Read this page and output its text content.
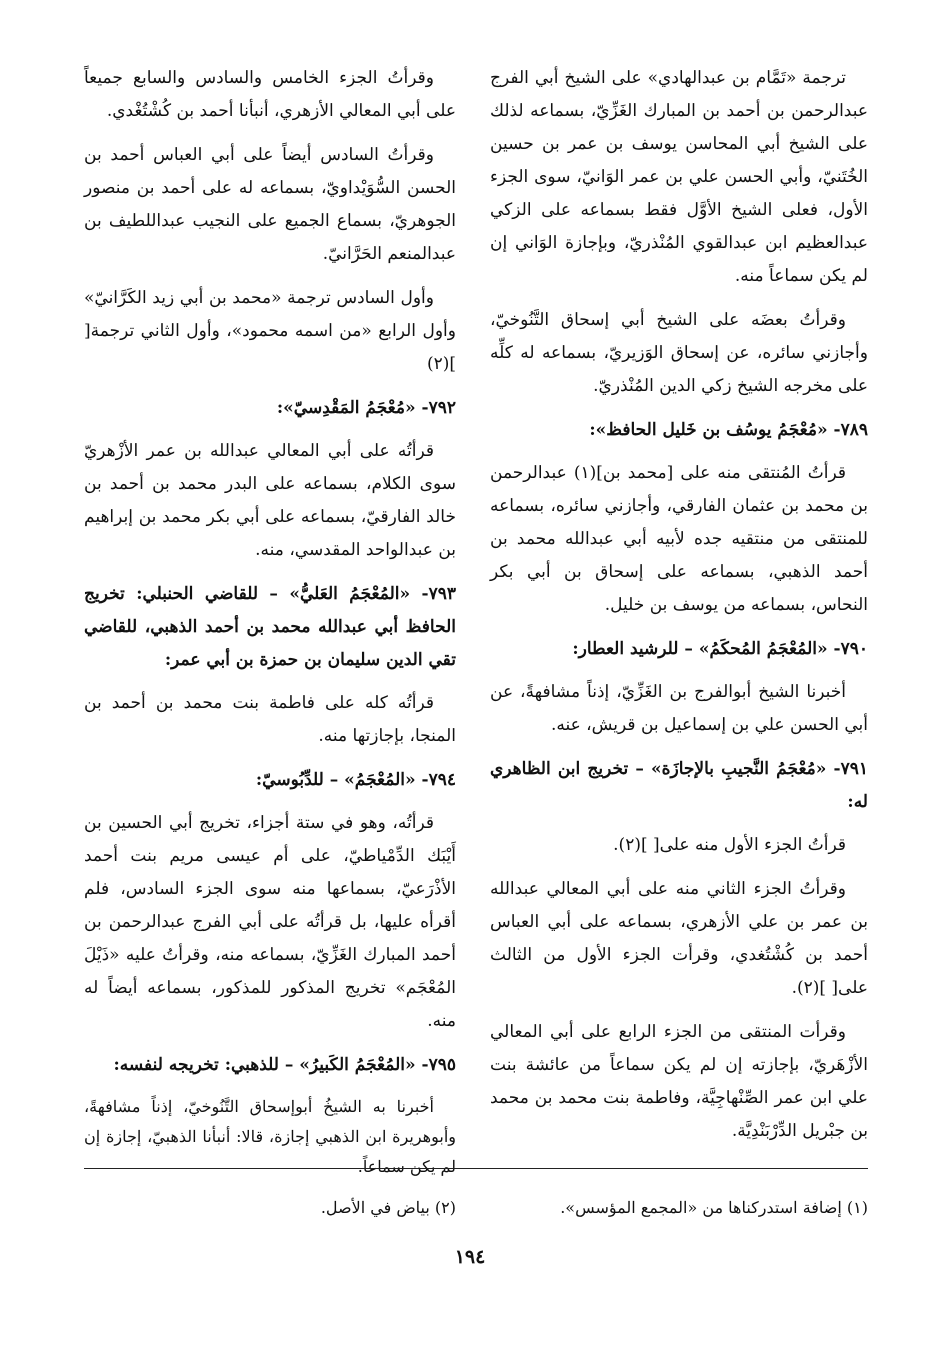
ترجمة «تَمَّام بن عبدالهادي» على الشيخ أبي الفرج عبدالرحمن بن أحمد بن المبارك الغَزِّيّ، بسماعه لذلك على الشيخ أبي المحاسن يوسف بن عمر بن حسين الخُتَنيّ، وأبي الحسن علي بن عمر الوَانيّ، سوى الجزء الأول، فعلى الشيخ الأوَّل فقط بسماعه على الزكي عبدالعظيم ابن عبدالقوي المُنْذريّ، وبإجازة الوَاني إن لم يكن سماعاً منه.

وقرأتُ بعضَه على الشيخ أبي إسحاق التَّنُوخيّ، وأجازني سائره، عن إسحاق الوَزيريّ، بسماعه له كلِّه على مخرجه الشيخ زكي الدين المُنْذريّ.

٧٨٩- «مُعْجَمُ يوسُف بن خَليل الحافظ»:

قرأتُ المُنتقى منه على [محمد بن](١) عبدالرحمن بن محمد بن عثمان الفارقي، وأجازني سائره، بسماعه للمنتقى من منتقيه جده لأبيه أبي عبدالله محمد بن أحمد الذهبي، بسماعه على إسحاق بن أبي بكر النحاس، بسماعه من يوسف بن خليل.

٧٩٠- «المُعْجَمُ المُحكَمُ» – للرشيد العطار:

أخبرنا الشيخ أبوالفرج بن الغَزِّيّ، إذناً مشافهةً، عن أبي الحسن علي بن إسماعيل بن قريش، عنه.

٧٩١- «مُعْجَمُ النَّجيبِ بالإجازَة» – تخريج ابن الظاهري له:

قرأتُ الجزء الأول منه على[ ](٢).

وقرأتُ الجزء الثاني منه على أبي المعالي عبدالله بن عمر بن علي الأزهري، بسماعه على أبي العباس أحمد بن كُشْتُغدي، وقرأت الجزء الأول من الثالث على[ ](٢).

وقرأت المنتقى من الجزء الرابع على أبي المعالي الأزْهَريّ، بإجازته إن لم يكن سماعاً من عائشة بنت علي ابن عمر الصِّنْهاجِيَّة، وفاطمة بنت محمد بن محمد بن جبْريل الدِّرْبَنْدِيَّة.

وقرأتُ الجزء الخامس والسادس والسابع جميعاً على أبي المعالي الأزهري، أنبأنا أحمد بن كُشْتُغْدي.

وقرأتُ السادس أيضاً على أبي العباس أحمد بن الحسن السُّوَيْداويّ، بسماعه له على أحمد بن منصور الجوهريّ، بسماع الجميع على النجيب عبداللطيف بن عبدالمنعم الحَرَّانيّ.

وأول السادس ترجمة «محمد بن أبي زيد الكَرَّانيّ» وأول الرابع «من اسمه محمود»، وأول الثاني ترجمة[ ](٢)

٧٩٢- «مُعْجَمُ المَقْدِسيّ»:

قرأتُه على أبي المعالي عبدالله بن عمر الأزْهريّ سوى الكلام، بسماعه على البدر محمد بن أحمد بن خالد الفارقيّ، بسماعه على أبي بكر محمد بن إبراهيم بن عبدالواحد المقدسي، منه.

٧٩٣- «المُعْجَمُ العَليُّ» – للقاضي الحنبلي: تخريج الحافظ أبي عبدالله محمد بن أحمد الذهبي، للقاضي تقي الدين سليمان بن حمزة بن أبي عمر:

قرأتُه كله على فاطمة بنت محمد بن أحمد بن المنجا، بإجازتها منه.

٧٩٤- «المُعْجَمُ» – للدِّبُوسيّ:

قرأتُه، وهو في ستة أجزاء، تخريج أبي الحسين بن أَيْبَك الدِّمْياطيّ، على أم عيسى مريم بنت أحمد الأذْرَعيّ، بسماعها منه سوى الجزء السادس، فلم أقرأه عليها، بل قرأتُه على أبي الفرج عبدالرحمن بن أحمد المبارك الغَزِّيّ، بسماعه منه، وقرأتُ عليه «ذَيْلَ المُعْجَم» تخريج المذكور للمذكور، بسماعه أيضاً له منه.

٧٩٥- «المُعْجَمُ الكَبيرُ» – للذهبي: تخريجه لنفسه:

أخبرنا به الشيخُ أبوإسحاق التَّنُوخيّ، إذناً مشافهةً، وأبوهريرة ابن الذهبي إجازة، قالا: أنبأنا الذهبيّ، إجازة إن لم يكن سماعاً.

(١) إضافة استدركناها من «المجمع المؤسس».
(٢) بياض في الأصل.
١٩٤
